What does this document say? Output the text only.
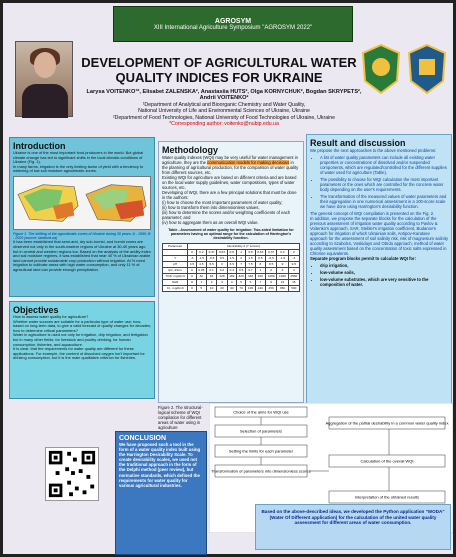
AGROSYM
XIII International Agriculture Symposium "AGROSYM 2022"
DEVELOPMENT OF AGRICULTURAL WATER QUALITY INDICES FOR UKRAINE
Larysa VOITENKO¹*, Elisabet ZALENSKA², Anastasiia HUTS², Olga KORNYCHUK², Bogdan SKRYPETS², Andrii VOITENKO²
¹Department of Analytical and Bioorganic Chemistry and Water Quality,
National University of Life and Environmental Sciences of Ukraine, Ukraine
²Department of Food Technologies, National University of Food Technologies of Ukraine, Ukraine
*Corresponding author: voitenko@nubip.edu.ua
Introduction
Ukraine is one of the most important food producers in the world. But global climate change has led to significant shifts in the local climatic conditions of Ukraine (Fig. 1).
In many farms, irrigation is the only limiting factor of yield with a tendency to widening of low soil moisture agroclimatic zones.
Figure 1. The shifting of the agroclimatic zones of Ukraine during 30 years: A - 1990; B - 2020 (source: landlord.ua)
It has been established that semi-arid, dry sub-humid, and humid zones are observed not only in the south-eastern regions of Ukraine at 30-40 years ago but in central and western regions too. Based on the analysis of the aridity index and soil moisture regimes, it was established that near 40 % of Ukrainian arable land cannot provide sustainable crop production without irrigation. At % need irrigation to cultivate areas with high water consumption, and only 11 % of agricultural land can provide enough precipitation.
Objectives
How to assess water quality for agriculture?
Whether water sources are suitable for a particular type of water use; how, based on long-term data, to give a valid forecast of quality changes for decades; how to determine critical parameters?
Water in agriculture is used not only for irrigation, drip irrigation, and fertigation but in many other fields: for livestock and poultry drinking, for human consumption, fisheries, and aquaculture.
It is clear, that the requirements for water quality are different for these applications. For example, the content of dissolved oxygen isn't important for drinking consumption, but it is the main qualitative criterion for fisheries.
Methodology
Water quality indexes (WQI) may be very useful for water management in agriculture, they are the communication models for making decisions in the planning of agricultural production, for the comparison of water quality from different sources, etc.
Existing WQI for agriculture are based on different criteria and are based on the local water supply guidelines, water compositions, types of water sources, etc.
Developing of WQI, there are a few principal solutions that must be done in the authors:
(i) how to choose the most important parameters of water quality;
(ii) how to transform them into dimensionless values,
(iii) how to determine the scores and/or weighting coefficients of each parameter; and
(iv) how to aggregate them as an overall WQI value.
Table - Assessment of water quality for irrigation: Two-sided limitation for parameters having an optimal range for the calculation of Harrington's desirability function.
Parameter	Desirability d (Y scores)										
	0	0.2	0.37	0.63	0.8	1	0.8	0.63	0.37	0.2	0
Y	-3	-1.5	-0.5	0.5	1.5	3	1.5	0.5	-0.5	-1.5	-3
pH	3.5	4.5	5.5	6	6.5	7	7.5	8	8.5	9	9.5
EC, dS/m	0	0.05	0.1	0.2	0.3	0.5	0.7	1	2	3	4
TDS, mg/dm3	0	32	64	128	192	320	448	640	1280	1920	2560
SAR	0	1	2	3	4	5	6	7	9	12	15
Cl-, mg/dm3	0	5	10	20	40	70	106	140	250	350	500
Result and discussion
We propose the next approaches to the above mentioned problems:
• A list of water quality parameters can include all existing water properties or concentrations of dissolved and/or suspended components, which are regulated/controlled for the different supplies of water used for agriculture (Table).
• The possibility to choose for WQI calculation the most important parameters or the ones which are controlled for the concrete water body depending on the user's requirements.
• The transformation of the measured values of water parameters and their aggregation in one numerical assessment in a 100-score scale we have done using Harrington's desirability function.
The general concept of WQI compilation is presented on the Fig. 2.
In addition, we propose the separate blocks for the calculation of the previous assessment of irrigation water quality according to Pavlov & Voitenko's approach, SAR, Stebler's irrigation coefficient, Budanov's approach for irrigation of which Ukrainian soils, Antipov-Karataev approach for the assessment of soil salinity risk, risk of magnesium salinity according to Szabolcs, Voskidays and Obrdo approach, method of water quality assessment based on the concentration of toxic salts expressed in Chlorine equivalents.
Separate program blocks permit to calculate WQI for:
• drip irrigation,
• low-volume soils,
• low-volume substrates, which are very sensitive to the composition of water.
Figure 2. The structural-logical scheme of WQI compilation for different areas of water using in agriculture
Choice of the aims for WQI use
Selection of parameters
Setting the limits for each parameter
Transformation of parameters into dimensionless scores
Aggregation of the partial desirability in a common water quality index
Calculation of the overall WQI
Interpretation of the obtained results
CONCLUSION
We have proposed such a tool in the form of a water quality index built using the Harrington Desirability Scale. To create desirability scales, we used not the traditional approach in the form of the Delphi method (peer review), but normative standards, which defined the requirements for water quality for various agricultural industries.
Based on the above-described ideas, we developed the Python application "WODA" (Water Of Different application) for the calculation of the united water quality assessment for different areas of water consumption.
